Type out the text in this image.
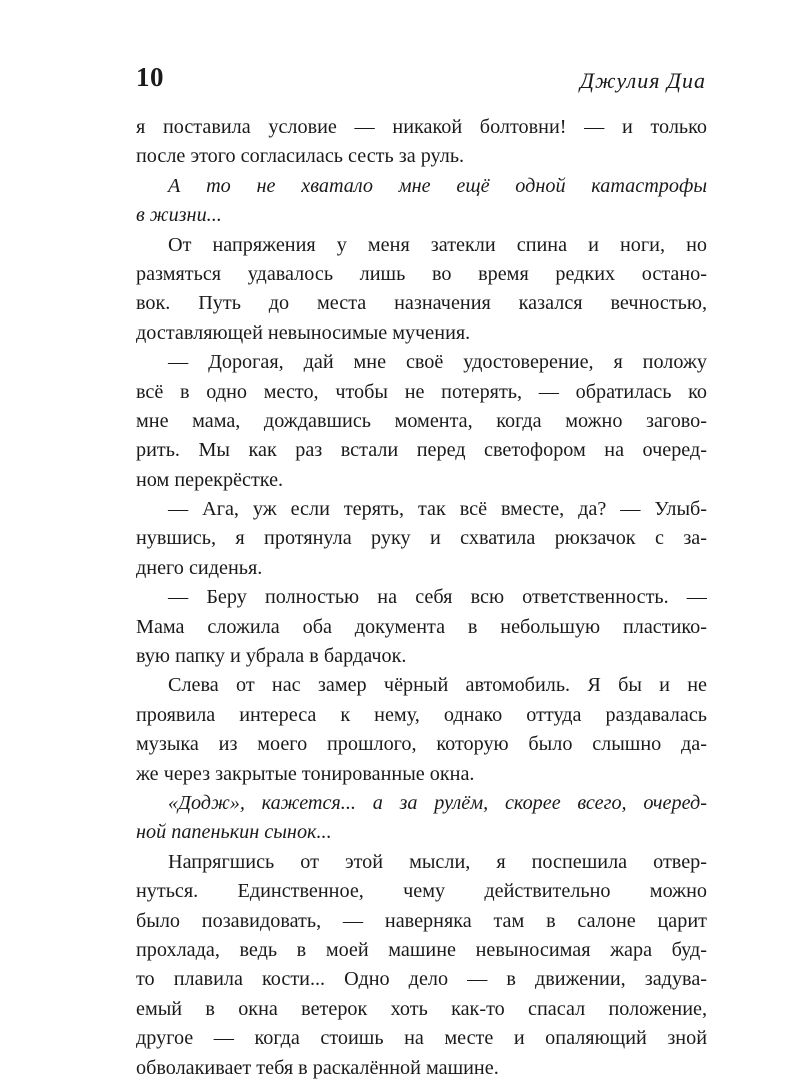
10	Джулия Диа
я поставила условие — никакой болтовни! — и только
после этого согласилась сесть за руль.
А то не хватало мне ещё одной катастрофы
в жизни...
От напряжения у меня затекли спина и ноги, но
размяться удавалось лишь во время редких остано-
вок. Путь до места назначения казался вечностью,
доставляющей невыносимые мучения.
— Дорогая, дай мне своё удостоверение, я положу
всё в одно место, чтобы не потерять, — обратилась ко
мне мама, дождавшись момента, когда можно загово-
рить. Мы как раз встали перед светофором на очеред-
ном перекрёстке.
— Ага, уж если терять, так всё вместе, да? — Улыб-
нувшись, я протянула руку и схватила рюкзачок с за-
днего сиденья.
— Беру полностью на себя всю ответственность. —
Мама сложила оба документа в небольшую пластико-
вую папку и убрала в бардачок.
Слева от нас замер чёрный автомобиль. Я бы и не
проявила интереса к нему, однако оттуда раздавалась
музыка из моего прошлого, которую было слышно да-
же через закрытые тонированные окна.
«Додж», кажется... а за рулём, скорее всего, очеред-
ной папенькин сынок...
Напрягшись от этой мысли, я поспешила отвер-
нуться. Единственное, чему действительно можно
было позавидовать, — наверняка там в салоне царит
прохлада, ведь в моей машине невыносимая жара буд-
то плавила кости... Одно дело — в движении, задува-
емый в окна ветерок хоть как-то спасал положение,
другое — когда стоишь на месте и опаляющий зной
обволакивает тебя в раскалённой машине.
